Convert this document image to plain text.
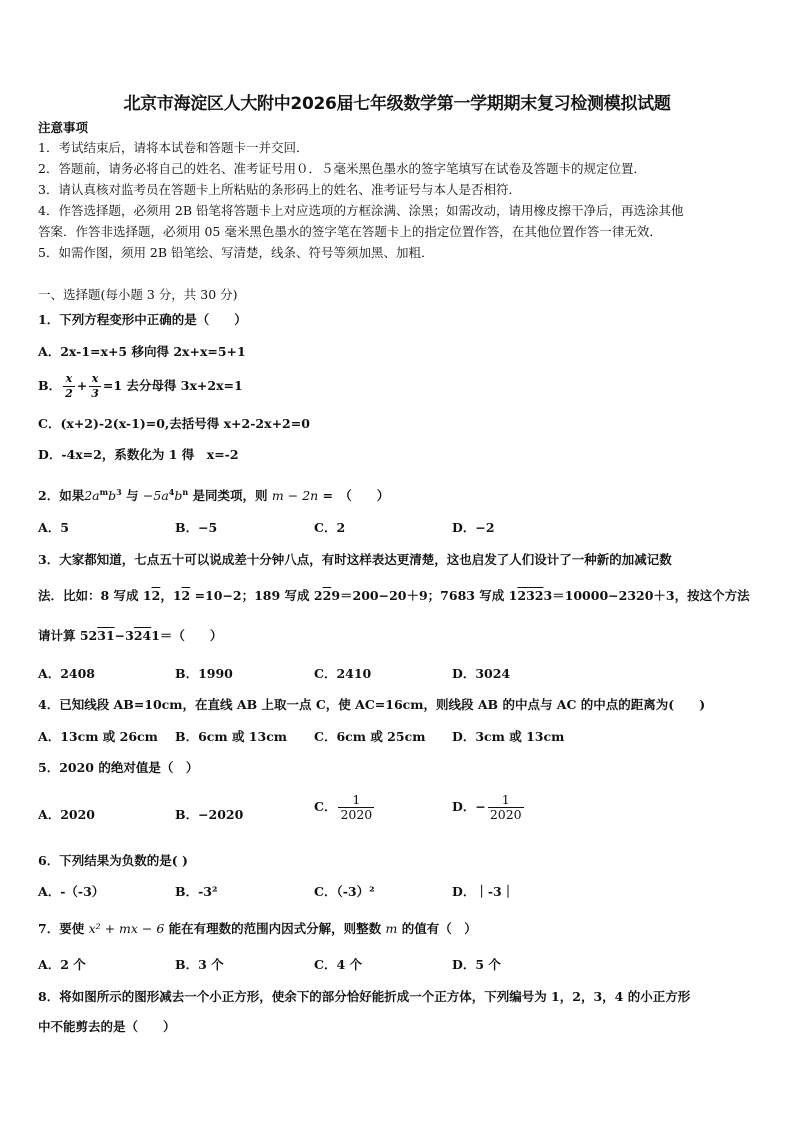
北京市海淀区人大附中2026届七年级数学第一学期期末复习检测模拟试题
注意事项
1．考试结束后，请将本试卷和答题卡一并交回．
2．答题前，请务必将自己的姓名、准考证号用０．５毫米黑色墨水的签字笔填写在试卷及答题卡的规定位置．
3．请认真核对监考员在答题卡上所粘贴的条形码上的姓名、准考证号与本人是否相符．
4．作答选择题，必须用 2B 铅笔将答题卡上对应选项的方框涂满、涂黑；如需改动，请用橡皮擦干净后，再选涂其他
答案．作答非选择题，必须用 05 毫米黑色墨水的签字笔在答题卡上的指定位置作答，在其他位置作答一律无效．
5．如需作图，须用 2B 铅笔绘、写清楚，线条、符号等须加黑、加粗．
一、选择题(每小题 3 分，共 30 分)
1．下列方程变形中正确的是（　　）
A．2x-1=x+5 移向得 2x+x=5+1
B． $\frac{x}{2} + \frac{x}{3} =1$ 去分母得 3x+2x=1
C．(x+2)-2(x-1)=0,去括号得 x+2-2x+2=0
D．-4x=2，系数化为 1 得　x=-2
2．如果$2a^mb^3$ 与 $-5a^4b^n$ 是同类项，则 m − 2n =　（　　）
A．5	B．−5	C．2	D．−2
3．大家都知道，七点五十可以说成差十分钟八点，有时这样表达更清楚，这也启发了人们设计了一种新的加减记数
法．比如：8 写成 12，12 =10−2；189 写成 229＝200−20＋9；7683 写成 12323＝10000−2320＋3，按这个方法
请计算 5231−3241＝（　　）
A．2408	B．1990	C．2410	D．3024
4．已知线段 AB=10cm，在直线 AB 上取一点 C，使 AC=16cm，则线段 AB 的中点与 AC 的中点的距离为(　　)
A．13cm 或 26cm B．6cm 或 13cm C．6cm 或 25cm D．3cm 或 13cm
5．2020 的绝对值是（　）
A．2020	B．−2020
C． $\frac{1}{2020}$	D．− $\frac{1}{2020}$
6．下列结果为负数的是( )
A．-（-3）	B．-3²	C．（-3）²	D．｜-3｜
7．要使 x² + mx − 6 能在有理数的范围内因式分解，则整数 m 的值有（　）
A．2 个	B．3 个	C．4 个	D．5 个
8．将如图所示的图形减去一个小正方形，使余下的部分恰好能折成一个正方体，下列编号为 1，2，3，4 的小正方形
中不能剪去的是（　　）
